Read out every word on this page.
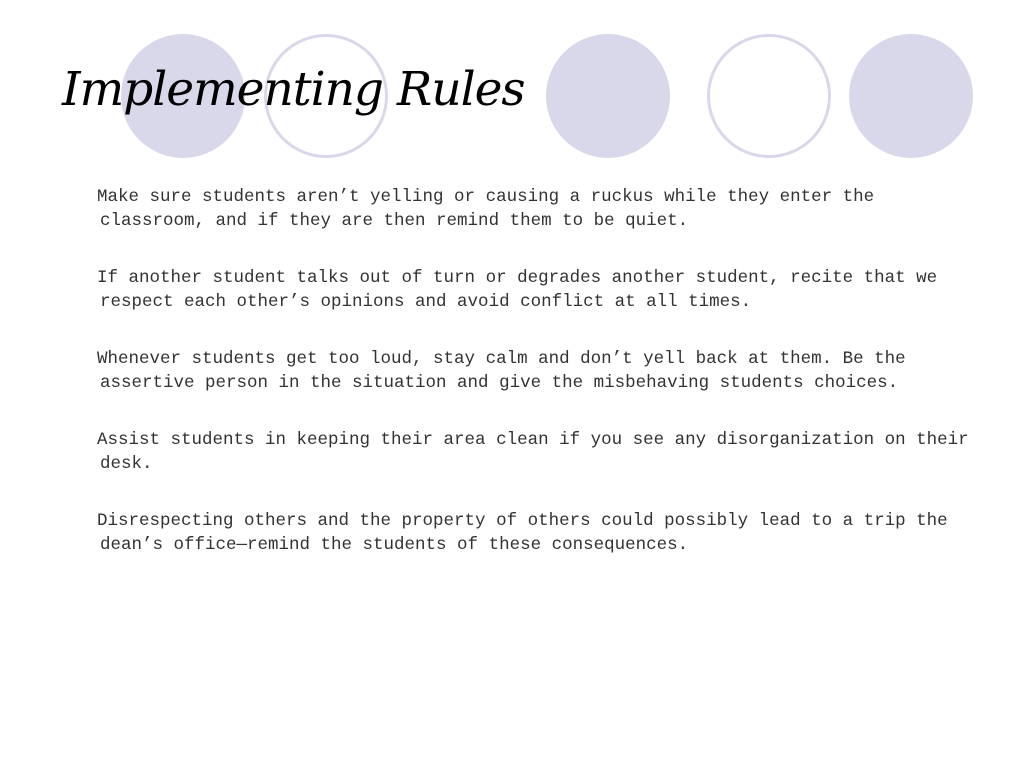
Implementing Rules
Make sure students aren’t yelling or causing a ruckus while they enter the classroom, and if they are then remind them to be quiet.
If another student talks out of turn or degrades another student, recite that we respect each other’s opinions and avoid conflict at all times.
Whenever students get too loud, stay calm and don’t yell back at them. Be the assertive person in the situation and give the misbehaving students choices.
Assist students in keeping their area clean if you see any disorganization on their desk.
Disrespecting others and the property of others could possibly lead to a trip the dean’s office—remind the students of these consequences.
